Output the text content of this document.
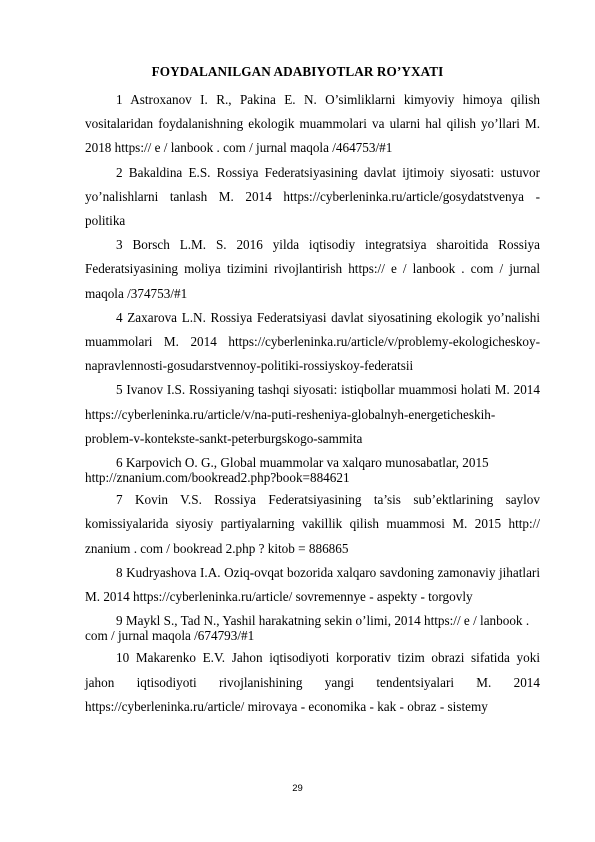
FOYDALANILGAN ADABIYOTLAR RO’YXATI

1 Astroxanov I. R., Pakina E. N. O’simliklarni kimyoviy himoya qilish vositalaridan foydalanishning ekologik muammolari va ularni hal qilish yo’llari M. 2018 https:// e / lanbook . com / jurnal maqola /464753/#1

2 Bakaldina E.S. Rossiya Federatsiyasining davlat ijtimoiy siyosati: ustuvor yo’nalishlarni tanlash M. 2014 https://cyberleninka.ru/article/gosydatstvenya - politika

3 Borsch L.M. S. 2016 yilda iqtisodiy integratsiya sharoitida Rossiya Federatsiyasining moliya tizimini rivojlantirish https:// e / lanbook . com / jurnal maqola /374753/#1

4 Zaxarova L.N. Rossiya Federatsiyasi davlat siyosatining ekologik yo’nalishi muammolari M. 2014 https://cyberleninka.ru/article/v/problemy-ekologicheskoy-napravlennosti-gosudarstvennoy-politiki-rossiyskoy-federatsii

5 Ivanov I.S. Rossiyaning tashqi siyosati: istiqbollar muammosi holati M. 2014 https://cyberleninka.ru/article/v/na-puti-resheniya-globalnyh-energeticheskih-problem-v-kontekste-sankt-peterburgskogo-sammita

6 Karpovich O. G., Global muammolar va xalqaro munosabatlar, 2015 http://znanium.com/bookread2.php?book=884621

7 Kovin V.S. Rossiya Federatsiyasining ta’sis sub’ektlarining saylov komissiyalarida siyosiy partiyalarning vakillik qilish muammosi M. 2015 http:// znanium . com / bookread 2.php ? kitob = 886865

8 Kudryashova I.A. Oziq-ovqat bozorida xalqaro savdoning zamonaviy jihatlari M. 2014 https://cyberleninka.ru/article/ sovremennye - aspekty - torgovly

9 Maykl S., Tad N., Yashil harakatning sekin o’limi, 2014 https:// e / lanbook . com / jurnal maqola /674793/#1

10 Makarenko E.V. Jahon iqtisodiyoti korporativ tizim obrazi sifatida yoki jahon iqtisodiyoti rivojlanishining yangi tendentsiyalari M. 2014 https://cyberleninka.ru/article/ mirovaya - economika - kak - obraz - sistemy

29
